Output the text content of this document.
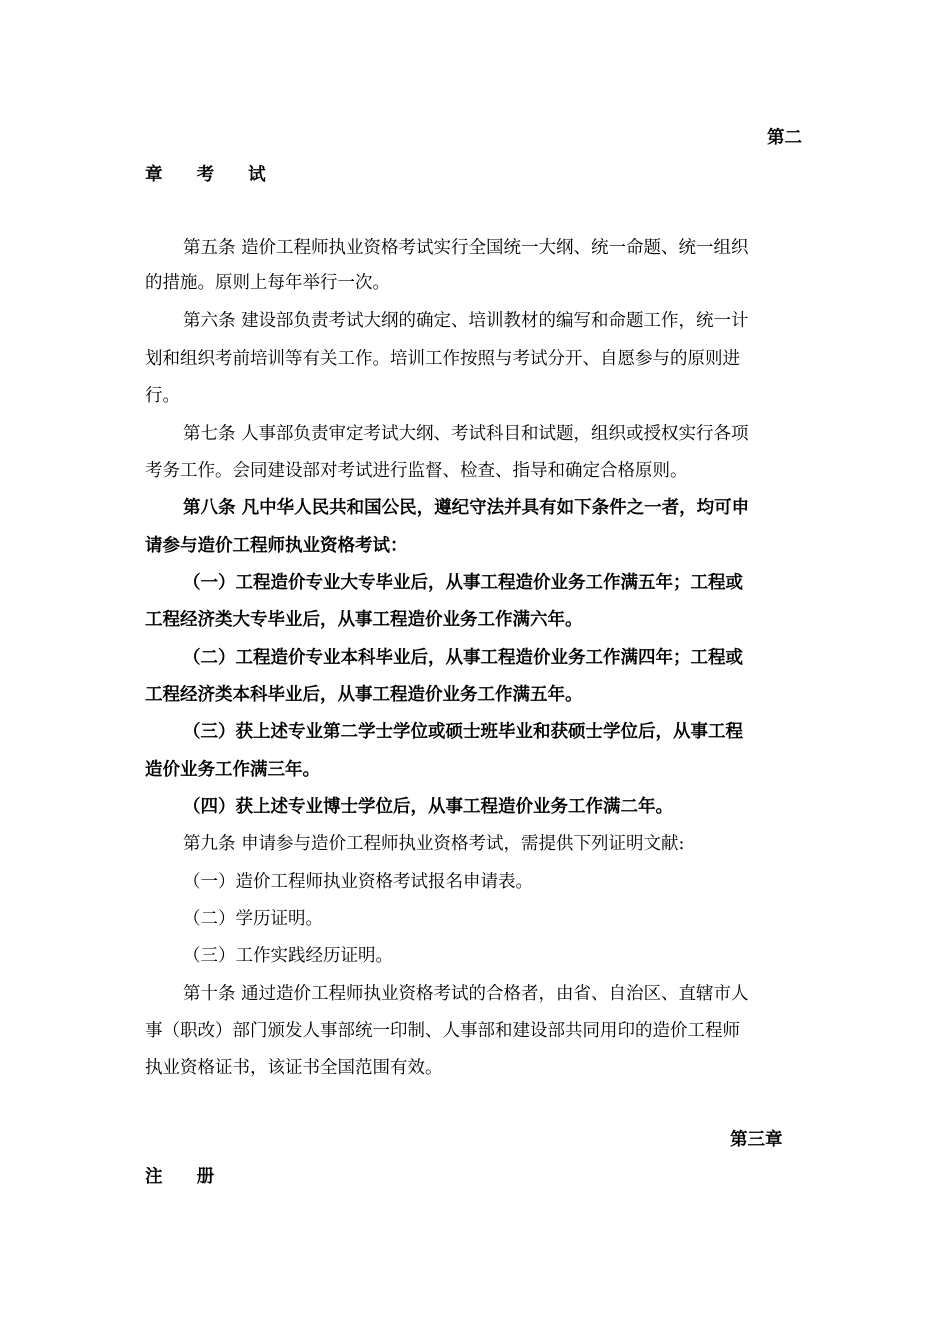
第二
章 考 试
第五条 造价工程师执业资格考试实行全国统一大纲、统一命题、统一组织
的措施。原则上每年举行一次。
第六条 建设部负责考试大纲的确定、培训教材的编写和命题工作，统一计
划和组织考前培训等有关工作。培训工作按照与考试分开、自愿参与的原则进
行。
第七条 人事部负责审定考试大纲、考试科目和试题，组织或授权实行各项
考务工作。会同建设部对考试进行监督、检查、指导和确定合格原则。
第八条 凡中华人民共和国公民，遵纪守法并具有如下条件之一者，均可申
请参与造价工程师执业资格考试：
（一）工程造价专业大专毕业后，从事工程造价业务工作满五年；工程或
工程经济类大专毕业后，从事工程造价业务工作满六年。
（二）工程造价专业本科毕业后，从事工程造价业务工作满四年；工程或
工程经济类本科毕业后，从事工程造价业务工作满五年。
（三）获上述专业第二学士学位或硕士班毕业和获硕士学位后，从事工程
造价业务工作满三年。
（四）获上述专业博士学位后，从事工程造价业务工作满二年。
第九条 申请参与造价工程师执业资格考试，需提供下列证明文献:
（一）造价工程师执业资格考试报名申请表。
（二）学历证明。
（三）工作实践经历证明。
第十条 通过造价工程师执业资格考试的合格者，由省、自治区、直辖市人
事（职改）部门颁发人事部统一印制、人事部和建设部共同用印的造价工程师
执业资格证书，该证书全国范围有效。
第三章
注 册
